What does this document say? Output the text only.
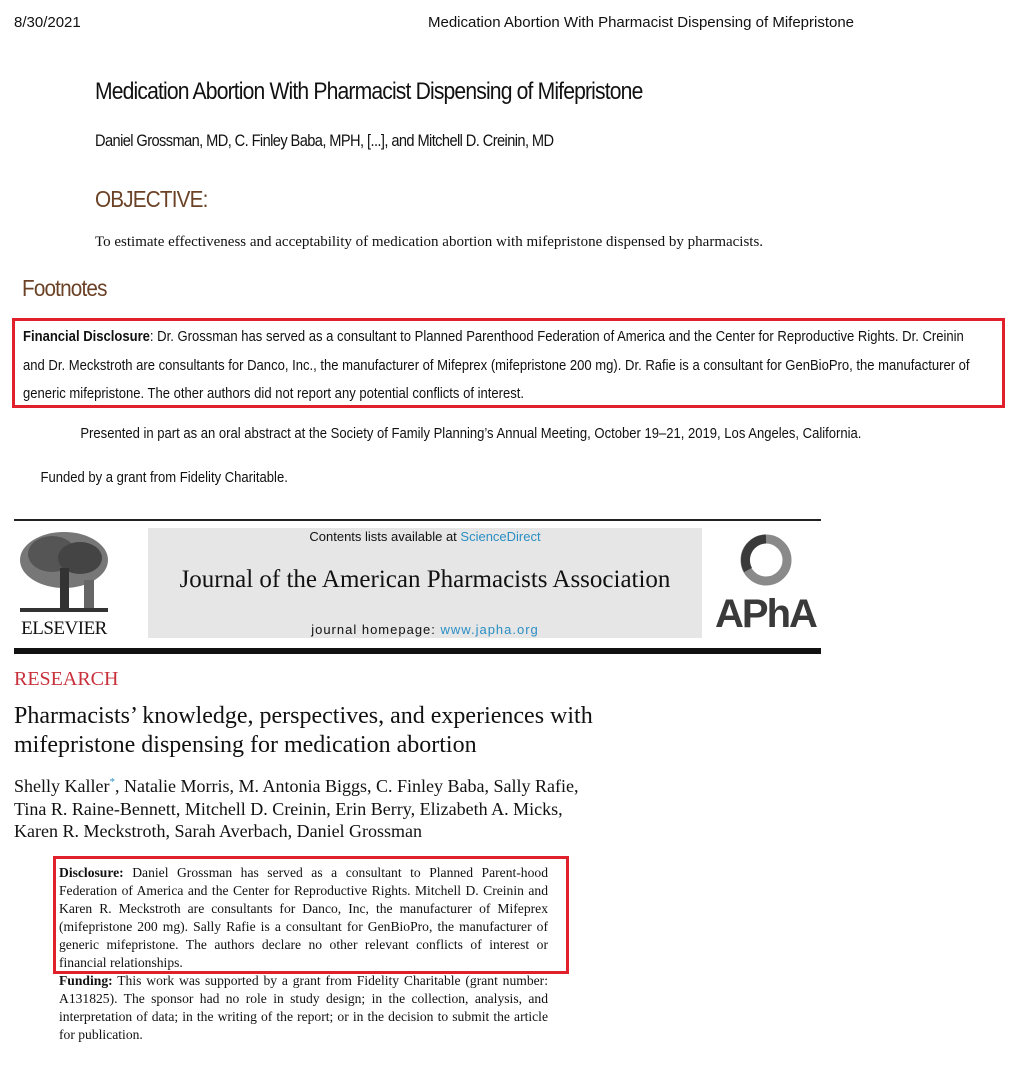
8/30/2021	Medication Abortion With Pharmacist Dispensing of Mifepristone
Medication Abortion With Pharmacist Dispensing of Mifepristone
Daniel Grossman, MD, C. Finley Baba, MPH, [...], and Mitchell D. Creinin, MD
OBJECTIVE:
To estimate effectiveness and acceptability of medication abortion with mifepristone dispensed by pharmacists.
Footnotes
Financial Disclosure: Dr. Grossman has served as a consultant to Planned Parenthood Federation of America and the Center for Reproductive Rights. Dr. Creinin and Dr. Meckstroth are consultants for Danco, Inc., the manufacturer of Mifeprex (mifepristone 200 mg). Dr. Rafie is a consultant for GenBioPro, the manufacturer of generic mifepristone. The other authors did not report any potential conflicts of interest.
Presented in part as an oral abstract at the Society of Family Planning’s Annual Meeting, October 19–21, 2019, Los Angeles, California.
Funded by a grant from Fidelity Charitable.
ELSEVIER
Contents lists available at ScienceDirect
Journal of the American Pharmacists Association
journal homepage: www.japha.org	APhA
RESEARCH
Pharmacists’ knowledge, perspectives, and experiences with
mifepristone dispensing for medication abortion
Shelly Kaller*, Natalie Morris, M. Antonia Biggs, C. Finley Baba, Sally Rafie,
Tina R. Raine-Bennett, Mitchell D. Creinin, Erin Berry, Elizabeth A. Micks,
Karen R. Meckstroth, Sarah Averbach, Daniel Grossman
Disclosure: Daniel Grossman has served as a consultant to Planned Parent-hood Federation of America and the Center for Reproductive Rights. Mitchell D. Creinin and Karen R. Meckstroth are consultants for Danco, Inc, the manufacturer of Mifeprex (mifepristone 200 mg). Sally Rafie is a consultant for GenBioPro, the manufacturer of generic mifepristone. The authors declare no other relevant conflicts of interest or financial relationships.
Funding: This work was supported by a grant from Fidelity Charitable (grant number: A131825). The sponsor had no role in study design; in the collection, analysis, and interpretation of data; in the writing of the report; or in the decision to submit the article for publication.
